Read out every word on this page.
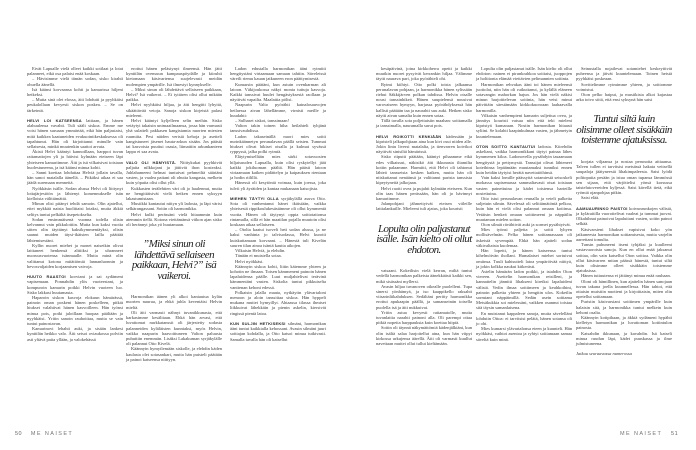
Eivät Lapualle vielä olleet kaikki sotilaat ja lotat palanneet, eikä osa palaisi enää koskaan.

– Hävisimme vielä tämän sodan, sisko kirahti ohuella äänellä.

Isä käänsi korvaansa kohti ja kamarissa hiljeni hetkeksi.

– Mutta sinä olet elossa, äiti lohdutti ja pyyhkäisi peukalollaan kevyesti siskon poskea. – Se on tärkeintä.

HELVI LOI KATSEENSA lattiaan, ja hänen alahuulensa vavahti. Tuli sääli siskoa. Emme me voisi hänen suruaan ymmärtää, eikä hän paljastaisi, mitä kaikkea kaatuneiden evakuointikeskuksessa oli tapahtunut. Hän oli kirjoittanut minulle vain sellaisesta, minkä muutenkin saattoi arvata.

Äkisti Helvi kääntyi kannoillaan, harppoi tuvan raitamattojen yli ja häivisi kylmään eteiseen läpi yhteiseen kamariimme. Äiti ja isä vilkaisivat toisiaan huolestuneena, ja isä käänsi minua kohti.

– Sanni koettaa lohduttaa Helviä jollain tavalla, hän sanoi matalalla äänellä. – Pitkäksi aikaa ei saa jäädä suremaan menneitä.

Nyökkäsin isälle. Sodan alussa Helvi oli liittynyt lottajärjestöön ja lähtenyt komennukselle isän kielloista välittämättä.

Minun olisi pitänyt tehdä samoin. Olin ajatellut, ettei mykkää naista huolittaisi lotaksi, mutta äkkiä selitys tuntui pelkältä itsepetokselta.

Sodan ensimmäisenä vuonna todella olisin kelvannut vain pikkulottiin. Mutta kun kaksi vuotta sitten olin täyttänyt kaksikymmentäyksi, olisin saanut muiden täysi-ikäisten lailla päättää lähtemisestäni.

Kyllin nuoret miehet ja monet naisetkin olivat laittaneet henkensä alttiiksi ja uhranneet nuoruusvuotensa isänmaalle. Mutta minä olin valittanut kotona mitättömiä lannanluonnin ja hevosvaljaiden korjaamisen vaivoja.

HUUTO RAASTOI korviani ja sai sydämeni vapisemaan. Ponnahdin ylös vuoteestani, ja kompuroin kamarin poikki Helvin vuoteen luo. Sisko lakkasi huutamasta.

Haparoin siskon kasvoja elokuun hämärässä, painoin oman poskeni hänen poskelleen, pitkät hiukset valahtivat hänen kasvoilleen. Hän työnsi minua pois, potki jaloillaan huopaa päältään ja nyyhkäisi. Yritin sanoin rauhoittaa, mutta se vain tuntui painostavan.

Kamarinovi lehahti auki, ja sisään lankesi kynttilän heikko valo. Äiti seisoi oviaukossa polviin asti yltävä paita yllään, ja valokehässä

erottui hänen pelästynyt ilmeensä. Hän jätti kynttilän ovensuun kampauspöydälle ja kiiruhti kietomaan käsivartensa suojelevasti meidän molempien ympärille. Isä ilmestyi kynnykselle.

– Miksi sinun oli lähdettävä sellaiseen paikkaan, Helvi? Isä vaikeroi. – Ei tyttären olisi ollut mikään paikka.

Helvi nyyhkäisi hiljaa, ja äiti hengitti lyhyitä, sikäättävää vetoja. Sanoja siskon kirjeistä palasi mieleeni.

Helvi kääntyi kyljelleen selin meihin. Sisko vetäytyi takaisin unimaailmaansa, jossa hän varmasti yhä sulatteli pakkasen kangistamia nuorten miesten ruumiita. Pesi näiden verisiä kehoja ja asetteli kangistuneet jäsenet hauta-arkun sisään. Jos päästä tai kasvoista puuttui osasia, liimattiin arkunkanteen lappu ei saa avata.

VALO OLI HÄMYISTÄ. Niittykukat pyyhkivät paljaita nilkkojani ja jättivät ihon kosteaksi. Juhlahameeni helmat tuntuivat pehmeiltä sääriäni vasten, ja vaalea paitani oli ohutta kangasta, melkein kuin yöpaita olisi ollut yllä.

Kukkasten terälehtien väri oli jo haalennut, mutta ne hengittäisivät vielä hetken ennen syksyyn lakastumistaan.

Musiikki kantautui niityn yli ladosta, ja läpi värisi selkärangassani. Soitin oli harmonikka.

Helvi kulki perässäni vielä hitaammin kuin aiemmin tiellä. Kotona viettämänsä viikon ajan sisko oli herännyt joka yö huutamaan.

”Miksi sinun oli lähdettävä sellaiseen paikkaan, Helvi?” isä vaikeroi.

Harmonikan äänen yli alkoi kantautua kylän nuorten naurua, ja ehkä juhla keventäisi Helvin mieltä.

Oli äiti varmasti nähnyt tuvanikkunasta, että karkasimme kesälitaan. Ehkä hän arvasi, että luvattomat nurkkatanssit oli järjestetty sodasta palanneiden kyläläisten kunniaksi, myös Helvin, vaikka naapurin haavoittuneen Valton paluusta puhuttiin enemmän. Lisäksi Lakakuman syrjäkylälle oli palannut Otto Kivelä.

Käännyin hymyilemään siskolle, ja elehdin käden kaulasta olet sotasankari, mutta hän puisteli päätään ja painoi katseensa niittyyn.

Ladon edustalla harmonikan ääni rytmitti hengitystäni virtaamaan samaan tahtiin. Säveleissä väreili riemu kauan jatkuneen eron päättymisestä.

Kumarsin päätäni, kun astuin ovenkarman ali latoon. Väkijoukossa näkyi monia tuttuja kasvoja. Kaikki tanssivat huulet hengästyksestä raollaan ja näyttivät vapailta. Maalattia pölisi.

Naapurin Valto pyörähti kainalosauvojen heilaessa aivan lähellämme, virnisti meille ja huudahti:

– Sulhaset siskot, tanssimaan!

Valton takin toinen hiha heilahteli tyhjänä tanssivauhdissa.

Ladon takaseinällä nuori mies soitti nurinkäännetyn perunalavan päällä seisten. Tummat hiukset olivat hikiset otsalla ja kulmat syvässä ryppyssä, jalka polki rytmiä.

Eläytymisellään mies särki sotavuosien hiljaisuuden Lapualla, kuin olisi ryskytellyt jäät kaikki jokiluoman päältä. Hän päästi latoon virtaamaan kaiken pidättelyn ja kaipauksen rientaan ja hodin riilillä.

Hänessä oli kesytöntä voimaa, kuin joessa, joka tulvii yli äyräiden ja kantaa mukanaan katsojista.

MIEHEN TÄYTYI OLLA syrjäkylällä asuva Otto. Sota oli vanhentanut hänet ikäisiään, vaikka yhteisestä rippikoulukesästämme oli ollut kymmentä vuotta. Hänen oli täytynyt oppia soittotaitonsa rintamalla, sillä ei hän maatilan pojalla muutoin olisi koskaan aikaa sellaiseen.

– Otolta kaatui isoveli heti sodan alussa, ja ne kaksi vanhinta jo talvisodassa, Helvi kurotti kuiskuttamaan korvaani. – Hänestä tuli Kivelän suuren tilan ainoa isäntä kautta aikojen.

Vilkaisin Helviä, ja elehdin.

Tänään ei muistella sotaa.

Helvi nyökkäsi.

Käännyin siskoa kohti, liitin kätemme yhteen ja kohotin ne ilmaan. Toisen kämmeneni painoin hänen lapaluidensa päälle. Luut muljahtelivat terävinä kämmentäni vasten. Siskolta tuntui pikkuiselta vanttenan kehoni edessä.

Polkaisin jalalla maata, nytkäytin ylävartaloni menoon ja aloin tanssittaa siskoa. Hän hyppeli mukana muttei hymyillyt. Ahtaassa tilassa ihmiset liikkuivat lähekkäin ja pienin askelin, kiersivät ringissä pientä latoa.

KUN SULJIN HETKISEKSI silmäni, harmonikan ääni tuntui kaikkialla kehossani. Avasin silmäni juuri soittajan kohdalla, ja Otto katsoi minua tutkivasti. Samalla tavalla hän oli katsellut

kesäpäivinä, joina kirkkoherra opetti ja kaikki muutkin nuoret pysyivät kerrankin hiljaa. Välimme täytti naurava pari, joka pyörähteli ohi.

Rytmi kiihtyi. Otto polki toista jalkaansa perunalavan pohjaan, ja harmonikka hänen sylissään riehui Säkkijärven polkan tahdissa. Helvin otsalle nousi tanssinhikeä. Hänen suupielensä nousivat varovaiseen hymyyn, harjassa pyörähdyksessä hän kallisti päätään taa ja naurahti suu auki. Hetken sisko näytti aivan samalta kuin ennen sotaa.

Tällä tavalla sota poljettaisiin maahan: soittamalla ja tanssimalla, nauramalla surut pois.

HELVI ROIKOTTI KENKIÄÄN kädessään ja kipristeli jalkapohjiaan aina kun kivi osui niiden alle. Jokin lintu liversi matalalta, ja tienvarren koivikot näyttivät sinisiltä hämärissä.

Sisko riiputti päätään, kääntyi pihaamme eikä edes vilkaissut, näkisikö äiti ikkunasta iltamilta kotiin palaamme. Harmitti, että Helvi oli tahtonut lähteä tansseista kesken kaiken, mutta hän oli niiskuttanut nenäänsä ja valittanut parista tanssista kipeytyneitä jalkojaan.

Helvi raotti ovea ja pujahti kylmään eteiseen. Kun olin taas hänen perässään, hän oli jo hävinnyt kamariimme.

Jalanpohjani jähmettyivät eteisen viileille lattialankuille. Mieleeni tuli ajatus, joka kouristi

Lopulta olin paljastanut isälle. Isän kielto oli ollut ehdoton.

vatsaani. Kokeilisin vielä kerran, miltä tuntui vedellä harmonikan palkeista äänekkäästi kaikki sen, mikä sisässäni myllersi.

Avasin hiljaa tuvanoven oikealle puolelleni. Tupa sinersi yönhämyä, ja iso kaappikello raksahti viisarinliikahduksen. Sedältäni peritty harmonikka erottui apukaapin päällä, ja samanseinän toisella puolella isä ja äiti nukkuivat.

Yritin astua kevyesti raitamatolle, mutta tuvanlattia narahti painoni alla. Oli parempi ottaa pitkiä nopeita harppauksia kuin koettaa hiipiä.

Soitin oli täynnä näkymättömiä kädenjälkiäni, kun olin isältä salaa harjoitellut aina, kun hän viipyi kirkossa urkujensa äärellä. Äiti oli varmasti kuullut navettaan muttei ollut tullut kieltämään.

Lopulta olin paljastanut isälle. Isän kielto oli ollut ehdoton: nainen ei pirunkrahkoa soittaisi, juoppojen ja holtitonta elämää viettävien pelimannien soitinta.

Harmonikan rehvakas ääni toi hänen mieleensä juottolat, niin hän oli ruikuttanut, ja kylällä eläneen sotavangin mahorkan hajun. Jos hän vielä näkisi minun harjoittelevan soitinta, hän veisi minut päivittäin säestämään kirkkokuoroaan laahaavalla harmonilla.

Vilkaisin vanhempieni kamarin suljettua ovea, ja jännitys kouristi vatsaa niin että teki mieleni kipristyä kumaraan. Nostin harmonikan hitaasti syliini. Se kolahti kaapinkulmaa vasten, ja jähmetyin kuuntelemaan.

OTON SOITTO KANTAUTUI ladosta. Kiirehdin askeliani, vaikka harmonikkani täytyi painaa lähes kymmenen kiloa. Ladonovella pysähdyin tasaamaan hengitystä ja pettymystä. Tanssijat olivat lähteneet koteihinsa lepäämään muutamaksi tunniksi ennen kuin heidän täytyisi herätä navettatöihinsä.

Vain kaksi lomille päässyttä sotamiestä seisoskeli nurkassa supisemassa sammaltavasti otsat toisiaan vasten painettuina ja kädet toistensa harteille nostettuina.

Otto istui perunalavan reunalla ja veteli palkeita suljetuin silmin. Sävelessä oli selittämätöntä pelkoa, kuin hän ei vielä olisi palannut omaan kotiinsa. Vetäisin henkeä omaan soittimeeni ja näppäilin muutaman mielen soiton.

Oton silmät rävähtivät auki ja sormet pysähtyivät.

Mies työnsi paljetta ja soitti lyhyen mollisävelmän. Pelko hänen soittamassaan oli äskeistä syvempää. Ehkä hän ajatteli sodan väkivaltaista kuolemaa.

Hän lopetti, ja hänen katseensa tuntui kihelmöivän ihollani. Humalaiset miehet sortuivat omiinsa. Tuuli kahisutteli latoa ympäröivää niittyä, ja jokin kolkka naukui kitkerästi.

Astelin hämärän ladon poikki, ja istahdin Oton viereen. Asettelin harmonikan reisilleni, ja kannattelin jännitti lihakseni kireiksi lapaluideni välistä. Vedin ilmaa soittimeen ja keuhkoihini, painoin palketta yhteen ja hengitin ulos. Kokeilin sormiani näppäimillä. Sedän usein soittama Metsäkukkia soi mielessäni, vaikken osannut toistaa sitä täysin samanlaisena.

En muistanut kappaleen sanoja, mutta sävelelläni lohdutin Ottoa: ei tarvitsisi pelätä, hänen sotansa oli jo ohi.

Mies kumarsi ylävartalonsa eteen ja kuunteli. Hän nyökkäsi, vaihtoi asentoa ja ryhtyi soittamaan samaa säveltä kuin minä.

Seinustalla nojailevat sotamiehet keskeyttivät puheensa ja jäivät kuuntelemaan. Toinen heistä pyyhkäisi poskeaan.

Sovittelimme rytmimme yhteen, ja soittomme voimistui.

Oton pelko haipui, ja musiikista alkoi kajastaa arka toivo siitä, että ensi syksynä hän saisi

Tuntui siltä kuin olisimme olleet sisäkkäin toistemme ajatuksissa.

korjata viljaansa ja nostaa perunoita aittaansa. Talven tullen ei tarvitsisi metsässä hakata veitsellä suupaloja jäätyneestä lihakimpaleesta. Saisi lyödä polttopuita pesään ja istua oman tupansa lämmössä sen sijaan, että värjöttelisi yönsä korsussa taistelutovereiden kyljessä. Saisi kävellä tietä, eikä ryömiä ojanpohjaa pitkin.

Saisi elää.

AAMUAURINKO PAISTOI koivunrunkojen välistä, ja kyläraitilla vuorottelivat vaaleat ja tummat juovat. Olkahihnat painoivat lapaluitani vasten, soitin painoi selkää.

Käsivarsieni lihakset vapisivat koko yön jatkuneesta harmonikan soittamisesta, mutta varjelin aarrettani tomulta.

Tunsin puhuneeni itseni tyhjäksi ja kuulleeni vastavuoroisia sanoja. Kun en ollut enää jaksanut soittaa, olin vain katsellut Oton soittoa. Vaikka olin ollut käsivarren mitan päässä hänestä, tuntui siltä kuin olisimme olleet sisäkkäin toistemme ajatuksissa.

Hänen tuttuutensa ei jättänyt minua enää rauhaan.

Oloni oli hämillinen, kun ajattelin hänen sanojaan tuvan takana joella kuunnellessa. Hän tahtoi, että ottaisin muistiin nuotteni ja kirjoittaisin, miten olin opetellut soittamaan.

Puristin käsivarsiani soittimen ympärille kuin halaisin sitä, ja harmonikka tuntui melkein kuin kehoni osalta.

Käännyin kotipihaan, ja äkkiä sydämeni hypähti kielletyn harmonikan ja luvattoman kotiintulon painosta.

Katsahdin ikkunaan, ja kavahdin. Isä katseli minua ruudun läpi, kädet puuskassa ja ilme julmistuneena.

Jatkuu seuraavassa numerossa

50 ME NAISET	ME NAISET 51
